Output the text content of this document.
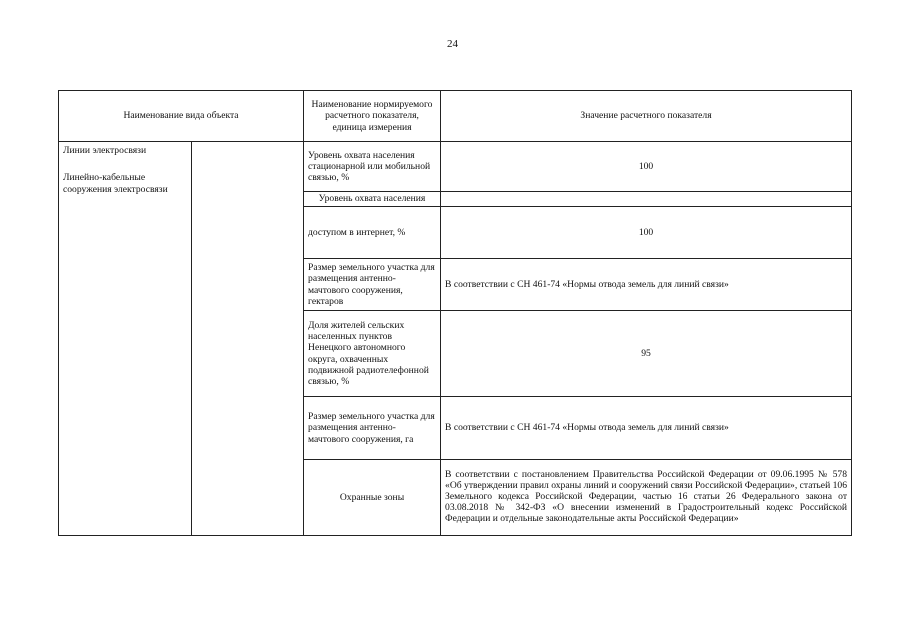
24
Наименование вида объекта		Наименование нормируемого расчетного показателя, единица измерения	Значение расчетного показателя

Линии электросвязи
Линейно-кабельные сооружения электросвязи		Уровень охвата населения стационарной или мобильной связью, %	100
		Уровень охвата населения	
		доступом в интернет, %	100
		Размер земельного участка для размещения антенно-мачтового сооружения, гектаров	В соответствии с СН 461-74 «Нормы отвода земель для линий связи»
		Доля жителей сельских населенных пунктов Ненецкого автономного округа, охваченных подвижной радиотелефонной связью, %	95
		Размер земельного участка для размещения антенно-мачтового сооружения, га	В соответствии с СН 461-74 «Нормы отвода земель для линий связи»
		Охранные зоны	В соответствии с постановлением Правительства Российской Федерации от 09.06.1995 № 578 «Об утверждении правил охраны линий и сооружений связи Российской Федерации», статьей 106 Земельного кодекса Российской Федерации, частью 16 статьи 26 Федерального закона от 03.08.2018 № 342-ФЗ «О внесении изменений в Градостроительный кодекс Российской Федерации и отдельные законодательные акты Российской Федерации»
